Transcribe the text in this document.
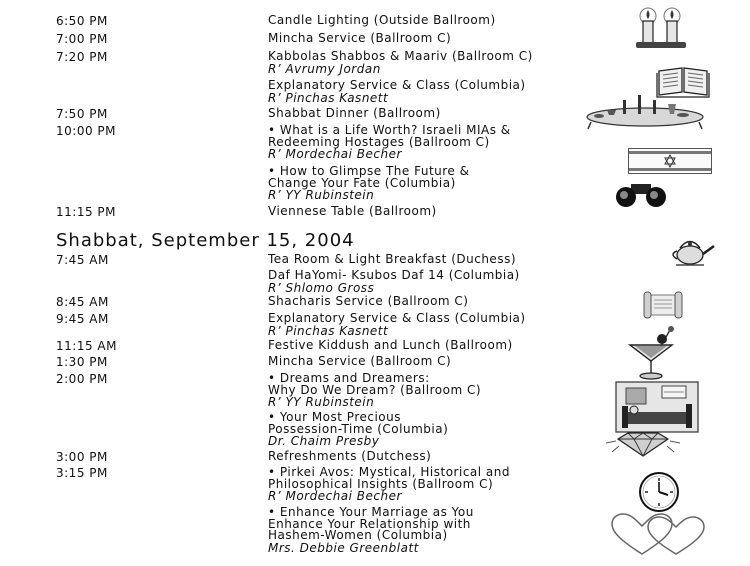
6:50 PM	Candle Lighting (Outside Ballroom)
7:00 PM	Mincha Service (Ballroom C)
7:20 PM	Kabbolas Shabbos & Maariv (Ballroom C)
R’ Avrumy Jordan
Explanatory Service & Class (Columbia)
R’ Pinchas Kasnett
7:50 PM	Shabbat Dinner (Ballroom)
10:00 PM	• What is a Life Worth? Israeli MIAs &
Redeeming Hostages (Ballroom C)
R’ Mordechai Becher
• How to Glimpse The Future &
Change Your Fate (Columbia)
R’ YY Rubinstein
11:15 PM	Viennese Table (Ballroom)
Shabbat, September 15, 2004
7:45 AM	Tea Room & Light Breakfast (Duchess)
Daf HaYomi- Ksubos Daf 14 (Columbia)
R’ Shlomo Gross
8:45 AM	Shacharis Service (Ballroom C)
9:45 AM	Explanatory Service & Class (Columbia)
R’ Pinchas Kasnett
11:15 AM	Festive Kiddush and Lunch (Ballroom)
1:30 PM	Mincha Service (Ballroom C)
2:00 PM	• Dreams and Dreamers:
Why Do We Dream? (Ballroom C)
R’ YY Rubinstein
• Your Most Precious
Possession-Time (Columbia)
Dr. Chaim Presby
3:00 PM	Refreshments (Dutchess)
3:15 PM	• Pirkei Avos: Mystical, Historical and
Philosophical Insights (Ballroom C)
R’ Mordechai Becher
• Enhance Your Marriage as You
Enhance Your Relationship with
Hashem-Women (Columbia)
Mrs. Debbie Greenblatt
